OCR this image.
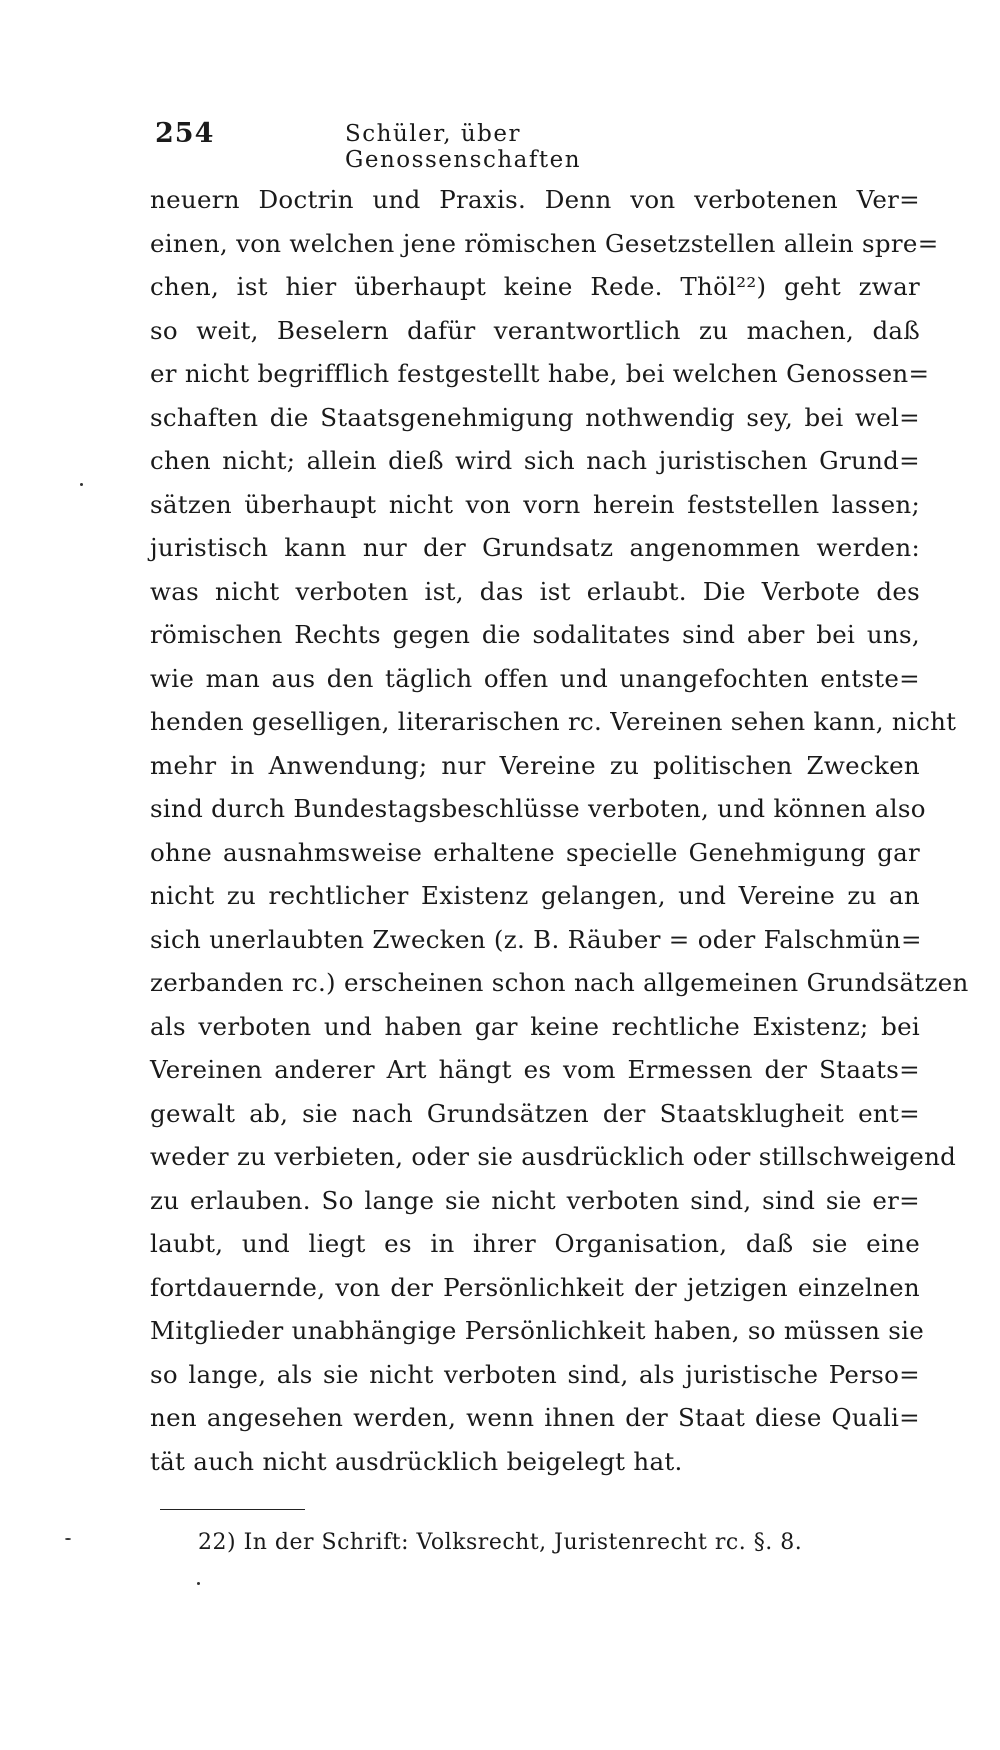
254	Schüler, über Genossenschaften
neuern Doctrin und Praxis. Denn von verbotenen Ver=
einen, von welchen jene römischen Gesetzstellen allein spre=
chen, ist hier überhaupt keine Rede. Thöl²²) geht zwar
so weit, Beselern dafür verantwortlich zu machen, daß
er nicht begrifflich festgestellt habe, bei welchen Genossen=
schaften die Staatsgenehmigung nothwendig sey, bei wel=
chen nicht; allein dieß wird sich nach juristischen Grund=
sätzen überhaupt nicht von vorn herein feststellen lassen;
juristisch kann nur der Grundsatz angenommen werden:
was nicht verboten ist, das ist erlaubt. Die Verbote des
römischen Rechts gegen die sodalitates sind aber bei uns,
wie man aus den täglich offen und unangefochten entste=
henden geselligen, literarischen rc. Vereinen sehen kann, nicht
mehr in Anwendung; nur Vereine zu politischen Zwecken
sind durch Bundestagsbeschlüsse verboten, und können also
ohne ausnahmsweise erhaltene specielle Genehmigung gar
nicht zu rechtlicher Existenz gelangen, und Vereine zu an
sich unerlaubten Zwecken (z. B. Räuber = oder Falschmün=
zerbanden rc.) erscheinen schon nach allgemeinen Grundsätzen
als verboten und haben gar keine rechtliche Existenz; bei
Vereinen anderer Art hängt es vom Ermessen der Staats=
gewalt ab, sie nach Grundsätzen der Staatsklugheit ent=
weder zu verbieten, oder sie ausdrücklich oder stillschweigend
zu erlauben. So lange sie nicht verboten sind, sind sie er=
laubt, und liegt es in ihrer Organisation, daß sie eine
fortdauernde, von der Persönlichkeit der jetzigen einzelnen
Mitglieder unabhängige Persönlichkeit haben, so müssen sie
so lange, als sie nicht verboten sind, als juristische Perso=
nen angesehen werden, wenn ihnen der Staat diese Quali=
tät auch nicht ausdrücklich beigelegt hat.
22) In der Schrift: Volksrecht, Juristenrecht rc. §. 8.
